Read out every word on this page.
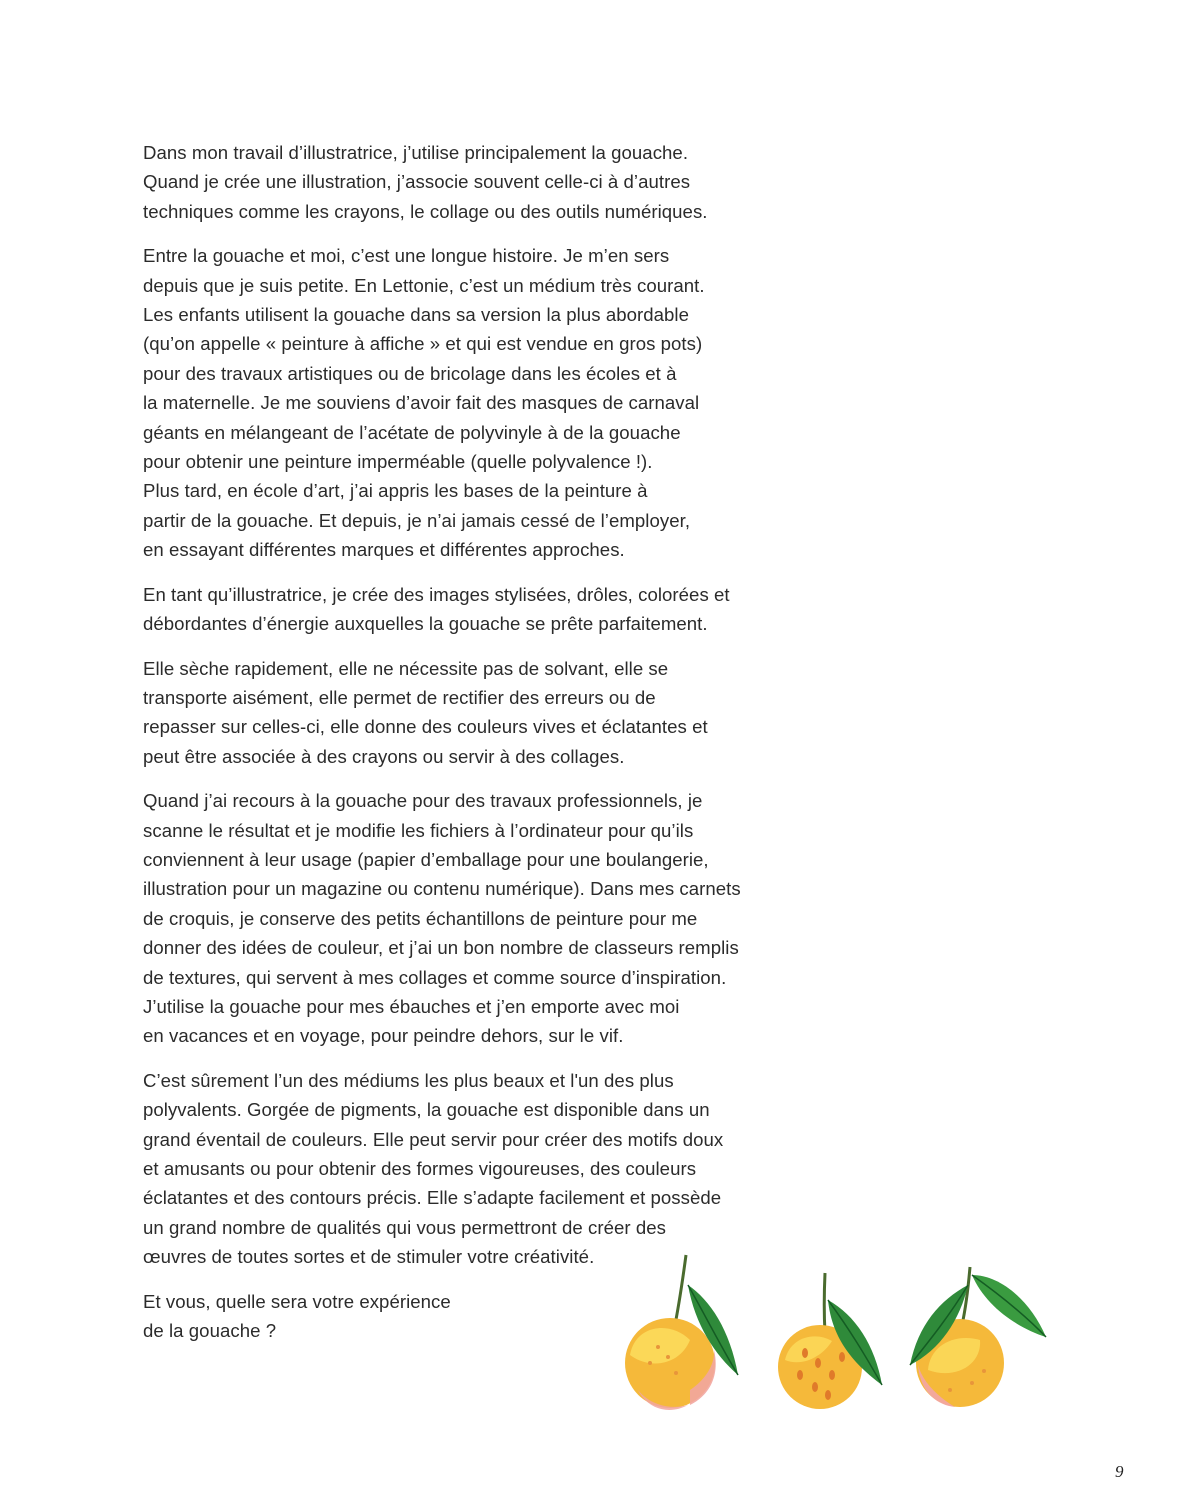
Dans mon travail d’illustratrice, j’utilise principalement la gouache.
Quand je crée une illustration, j’associe souvent celle-ci à d’autres
techniques comme les crayons, le collage ou des outils numériques.

Entre la gouache et moi, c’est une longue histoire. Je m’en sers
depuis que je suis petite. En Lettonie, c’est un médium très courant.
Les enfants utilisent la gouache dans sa version la plus abordable
(qu’on appelle « peinture à affiche » et qui est vendue en gros pots)
pour des travaux artistiques ou de bricolage dans les écoles et à
la maternelle. Je me souviens d’avoir fait des masques de carnaval
géants en mélangeant de l’acétate de polyvinyle à de la gouache
pour obtenir une peinture imperméable (quelle polyvalence !).
Plus tard, en école d’art, j’ai appris les bases de la peinture à
partir de la gouache. Et depuis, je n’ai jamais cessé de l’employer,
en essayant différentes marques et différentes approches.

En tant qu’illustratrice, je crée des images stylisées, drôles, colorées et
débordantes d’énergie auxquelles la gouache se prête parfaitement.

Elle sèche rapidement, elle ne nécessite pas de solvant, elle se
transporte aisément, elle permet de rectifier des erreurs ou de
repasser sur celles-ci, elle donne des couleurs vives et éclatantes et
peut être associée à des crayons ou servir à des collages.

Quand j’ai recours à la gouache pour des travaux professionnels, je
scanne le résultat et je modifie les fichiers à l’ordinateur pour qu’ils
conviennent à leur usage (papier d’emballage pour une boulangerie,
illustration pour un magazine ou contenu numérique). Dans mes carnets
de croquis, je conserve des petits échantillons de peinture pour me
donner des idées de couleur, et j’ai un bon nombre de classeurs remplis
de textures, qui servent à mes collages et comme source d’inspiration.
J’utilise la gouache pour mes ébauches et j’en emporte avec moi
en vacances et en voyage, pour peindre dehors, sur le vif.

C’est sûrement l’un des médiums les plus beaux et l'un des plus
polyvalents. Gorgée de pigments, la gouache est disponible dans un
grand éventail de couleurs. Elle peut servir pour créer des motifs doux
et amusants ou pour obtenir des formes vigoureuses, des couleurs
éclatantes et des contours précis. Elle s’adapte facilement et possède
un grand nombre de qualités qui vous permettront de créer des
œuvres de toutes sortes et de stimuler votre créativité.

Et vous, quelle sera votre expérience
de la gouache ?

9
